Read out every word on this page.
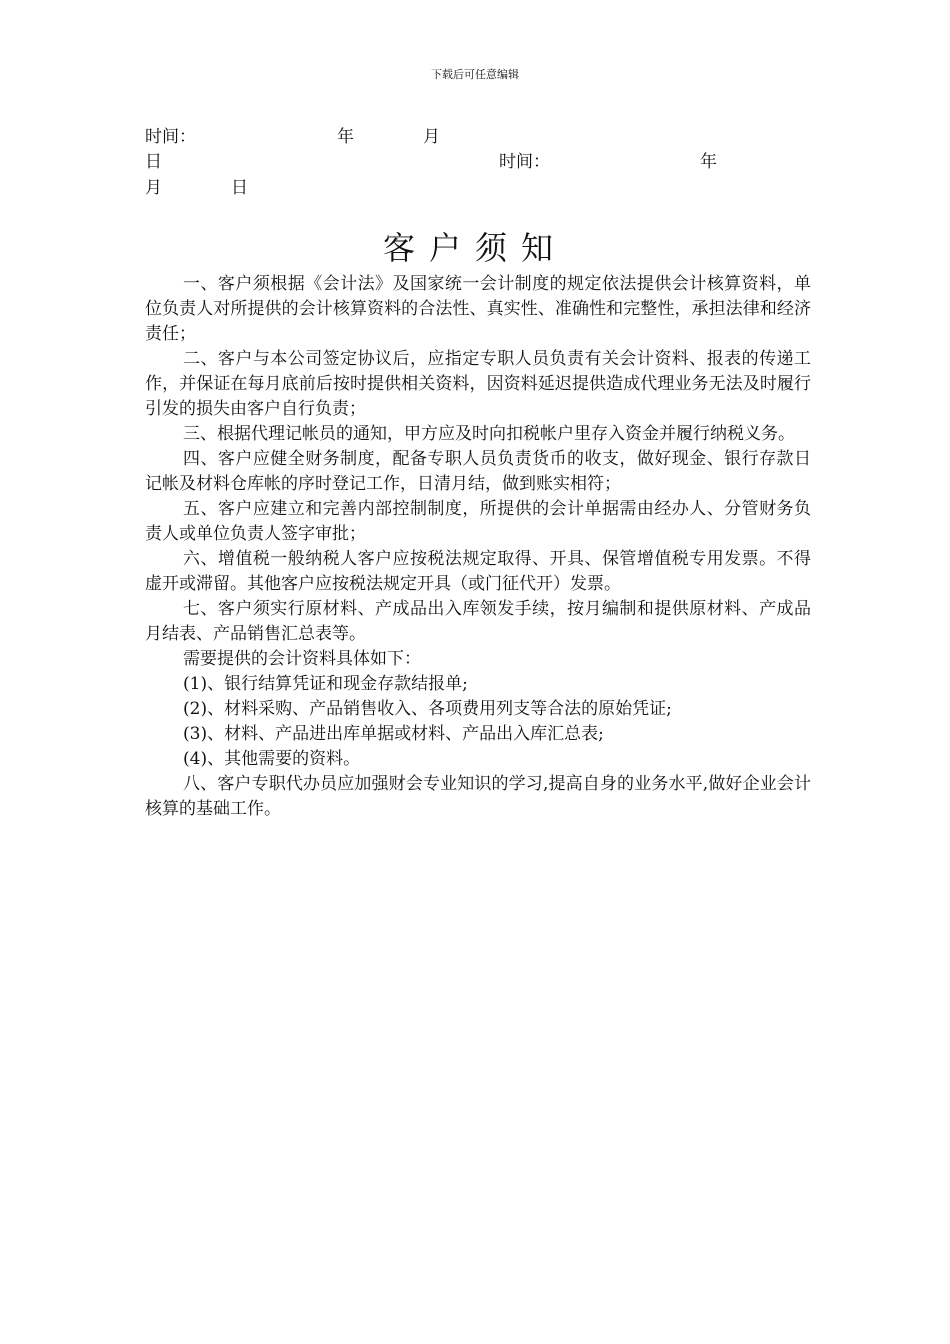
下载后可任意编辑
时间：	年	月
日	时间：	年
月	日
客户须知

一、客户须根据《会计法》及国家统一会计制度的规定依法提供会计核算资料，单位负责人对所提供的会计核算资料的合法性、真实性、准确性和完整性，承担法律和经济责任；

二、客户与本公司签定协议后，应指定专职人员负责有关会计资料、报表的传递工作，并保证在每月底前后按时提供相关资料，因资料延迟提供造成代理业务无法及时履行引发的损失由客户自行负责；

三、根据代理记帐员的通知，甲方应及时向扣税帐户里存入资金并履行纳税义务。

四、客户应健全财务制度，配备专职人员负责货币的收支，做好现金、银行存款日记帐及材料仓库帐的序时登记工作，日清月结，做到账实相符；

五、客户应建立和完善内部控制制度，所提供的会计单据需由经办人、分管财务负责人或单位负责人签字审批；

六、增值税一般纳税人客户应按税法规定取得、开具、保管增值税专用发票。不得虚开或滞留。其他客户应按税法规定开具（或门征代开）发票。

七、客户须实行原材料、产成品出入库领发手续，按月编制和提供原材料、产成品月结表、产品销售汇总表等。

需要提供的会计资料具体如下：

(1)、银行结算凭证和现金存款结报单;

(2)、材料采购、产品销售收入、各项费用列支等合法的原始凭证;

(3)、材料、产品进出库单据或材料、产品出入库汇总表;

(4)、其他需要的资料。

八、客户专职代办员应加强财会专业知识的学习,提高自身的业务水平,做好企业会计核算的基础工作。
